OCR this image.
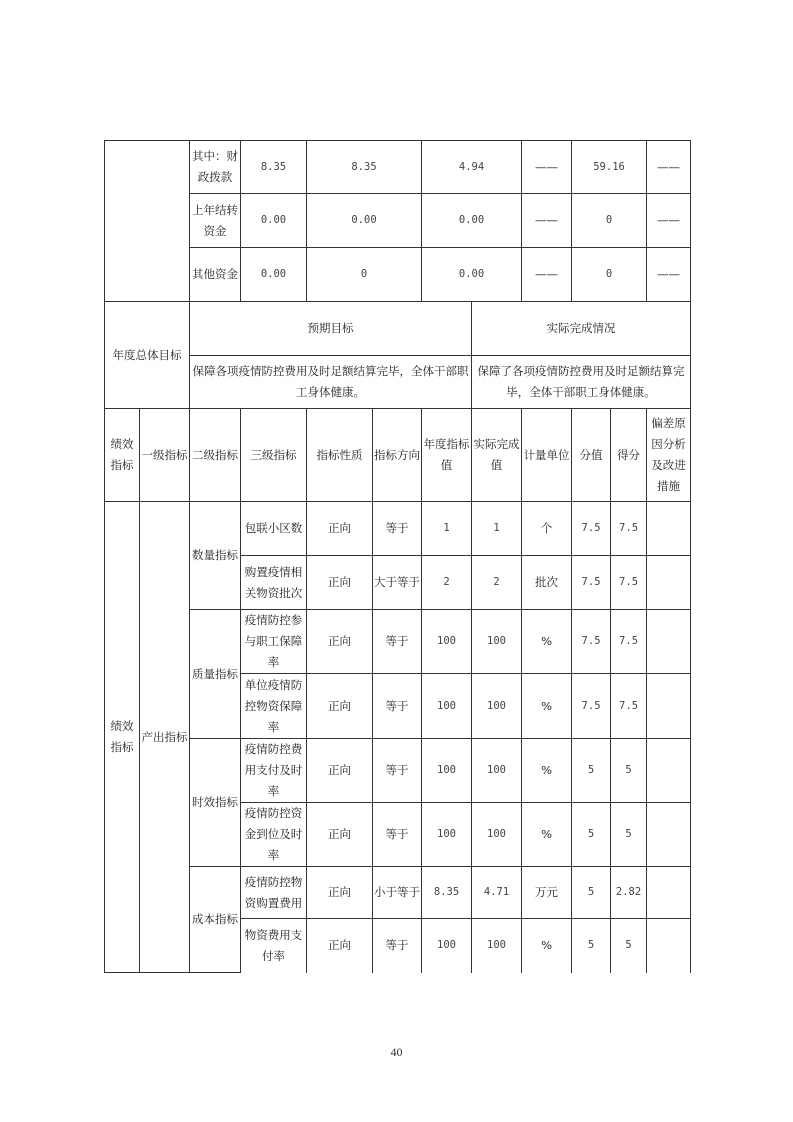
		其中：财政拨款	8.35	8.35		4.94		——	59.16		——
		上年结转资金	0.00	0.00		0.00		——	0		——
		其他资金	0.00	0		0.00		——	0		——
年度总体目标		预期目标					实际完成情况				
		保障各项疫情防控费用及时足额结算完毕，全体干部职工身体健康。					保障了各项疫情防控费用及时足额结算完毕，全体干部职工身体健康。				
绩效指标	一级指标	二级指标	三级指标	指标性质	指标方向	年度指标值	实际完成值	计量单位	分值	得分	偏差原因分析及改进措施
绩效指标	产出指标	数量指标	包联小区数	正向	等于	1	1	个	7.5	7.5	
			购置疫情相关物资批次	正向	大于等于	2	2	批次	7.5	7.5	
		质量指标	疫情防控参与职工保障率	正向	等于	100	100	%	7.5	7.5	
			单位疫情防控物资保障率	正向	等于	100	100	%	7.5	7.5	
		时效指标	疫情防控费用支付及时率	正向	等于	100	100	%	5	5	
			疫情防控资金到位及时率	正向	等于	100	100	%	5	5	
		成本指标	疫情防控物资购置费用	正向	小于等于	8.35	4.71	万元	5	2.82	
			物资费用支付率	正向	等于	100	100	%	5	5	
40
